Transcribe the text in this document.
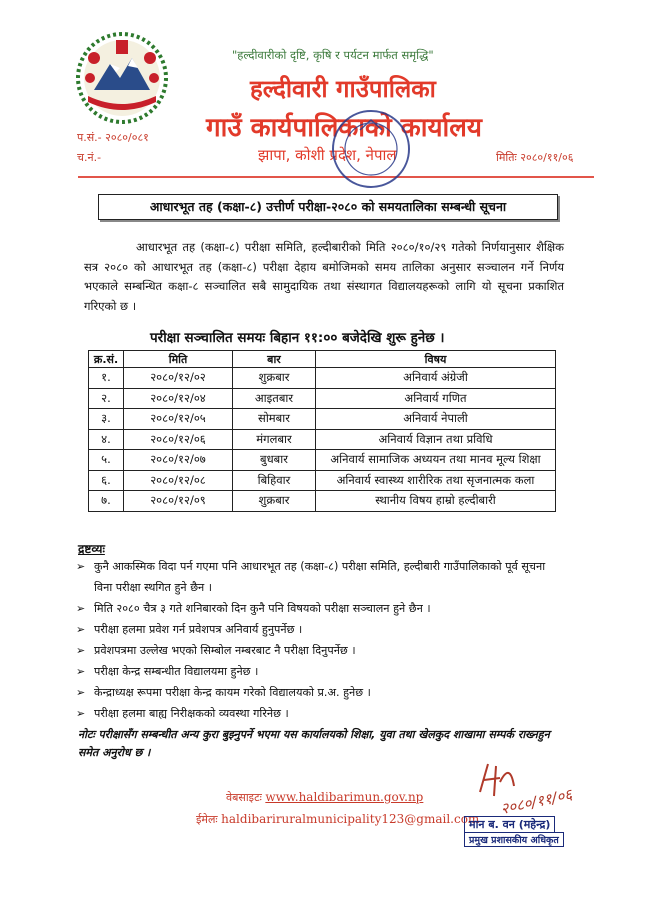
"हल्दीवारीको दृष्टि, कृषि र पर्यटन मार्फत समृद्धि"
हल्दीवारी गाउँपालिका
गाउँ कार्यपालिकाको कार्यालय
झापा, कोशी प्रदेश, नेपाल
प.सं.- २०८०/०८१
च.नं.-	मितिः २०८०/११/०६
आधारभूत तह (कक्षा-८) उत्तीर्ण परीक्षा-२०८० को समयतालिका सम्बन्धी सूचना
आधारभूत तह (कक्षा-८) परीक्षा समिति, हल्दीबारीको मिति २०८०/१०/२९ गतेको निर्णयानुसार शैक्षिक सत्र २०८० को आधारभूत तह (कक्षा-८) परीक्षा देहाय बमोजिमको समय तालिका अनुसार सञ्चालन गर्ने निर्णय भएकाले सम्बन्धित कक्षा-८ सञ्चालित सबै सामुदायिक तथा संस्थागत विद्यालयहरूको लागि यो सूचना प्रकाशित गरिएको छ ।
परीक्षा सञ्चालित समयः बिहान ११:०० बजेदेखि शुरू हुनेछ ।
क्र.सं.	मिति	बार	विषय
१.	२०८०/१२/०२	शुक्रबार	अनिवार्य अंग्रेजी
२.	२०८०/१२/०४	आइतबार	अनिवार्य गणित
३.	२०८०/१२/०५	सोमबार	अनिवार्य नेपाली
४.	२०८०/१२/०६	मंगलबार	अनिवार्य विज्ञान तथा प्रविधि
५.	२०८०/१२/०७	बुधबार	अनिवार्य सामाजिक अध्ययन तथा मानव मूल्य शिक्षा
६.	२०८०/१२/०८	बिहिवार	अनिवार्य स्वास्थ्य शारीरिक तथा सृजनात्मक कला
७.	२०८०/१२/०९	शुक्रबार	स्थानीय विषय हाम्रो हल्दीबारी
द्रष्टव्यः
➢ कुनै आकस्मिक विदा पर्न गएमा पनि आधारभूत तह (कक्षा-८) परीक्षा समिति, हल्दीबारी गाउँपालिकाको पूर्व सूचना विना परीक्षा स्थगित हुने छैन ।
➢ मिति २०८० चैत्र ३ गते शनिबारको दिन कुनै पनि विषयको परीक्षा सञ्चालन हुने छैन ।
➢ परीक्षा हलमा प्रवेश गर्न प्रवेशपत्र अनिवार्य हुनुपर्नेछ ।
➢ प्रवेशपत्रमा उल्लेख भएको सिम्बोल नम्बरबाट नै परीक्षा दिनुपर्नेछ ।
➢ परीक्षा केन्द्र सम्बन्धीत विद्यालयमा हुनेछ ।
➢ केन्द्राध्यक्ष रूपमा परीक्षा केन्द्र कायम गरेको विद्यालयको प्र.अ. हुनेछ ।
➢ परीक्षा हलमा बाह्य निरीक्षकको व्यवस्था गरिनेछ ।
नोटः परीक्षासँग सम्बन्धीत अन्य कुरा बुझ्नुपर्ने भएमा यस कार्यालयको शिक्षा, युवा तथा खेलकुद शाखामा सम्पर्क राख्नहुन समेत अनुरोध छ ।
वेबसाइटः www.haldibarimun.gov.np
ईमेलः haldibariruralmunicipality123@gmail.com
२०८०/११/०६
मान ब. वन (महेन्द्र)
प्रमुख प्रशासकीय अधिकृत
